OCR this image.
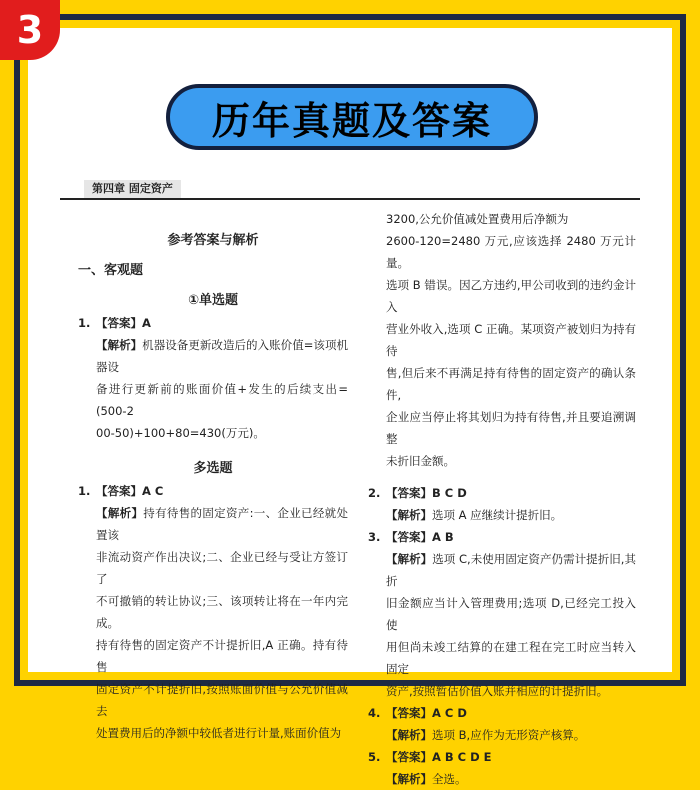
3
历年真题及答案
第四章 固定资产
参考答案与解析
一、客观题
①单选题
1. 【答案】A
【解析】机器设备更新改造后的入账价值=该项机器设
备进行更新前的账面价值+发生的后续支出=(500-2
00-50)+100+80=430(万元)。
多选题
1. 【答案】A C
【解析】持有待售的固定资产:一、企业已经就处置该
非流动资产作出决议;二、企业已经与受让方签订了
不可撤销的转让协议;三、该项转让将在一年内完成。
持有待售的固定资产不计提折旧,A 正确。持有待售
固定资产不计提折旧,按照账面价值与公允价值减去
处置费用后的净额中较低者进行计量,账面价值为
3200,公允价值减处置费用后净额为
2600-120=2480 万元,应该选择 2480 万元计量。
选项 B 错误。因乙方违约,甲公司收到的违约金计入
营业外收入,选项 C 正确。某项资产被划归为持有待
售,但后来不再满足持有待售的固定资产的确认条件,
企业应当停止将其划归为持有待售,并且要追溯调整
未折旧金额。
2. 【答案】B C D
【解析】选项 A 应继续计提折旧。
3. 【答案】A B
【解析】选项 C,未使用固定资产仍需计提折旧,其折
旧金额应当计入管理费用;选项 D,已经完工投入使
用但尚未竣工结算的在建工程在完工时应当转入固定
资产,按照暂估价值入账并相应的计提折旧。
4. 【答案】A C D
【解析】选项 B,应作为无形资产核算。
5. 【答案】A B C D E
【解析】全选。
